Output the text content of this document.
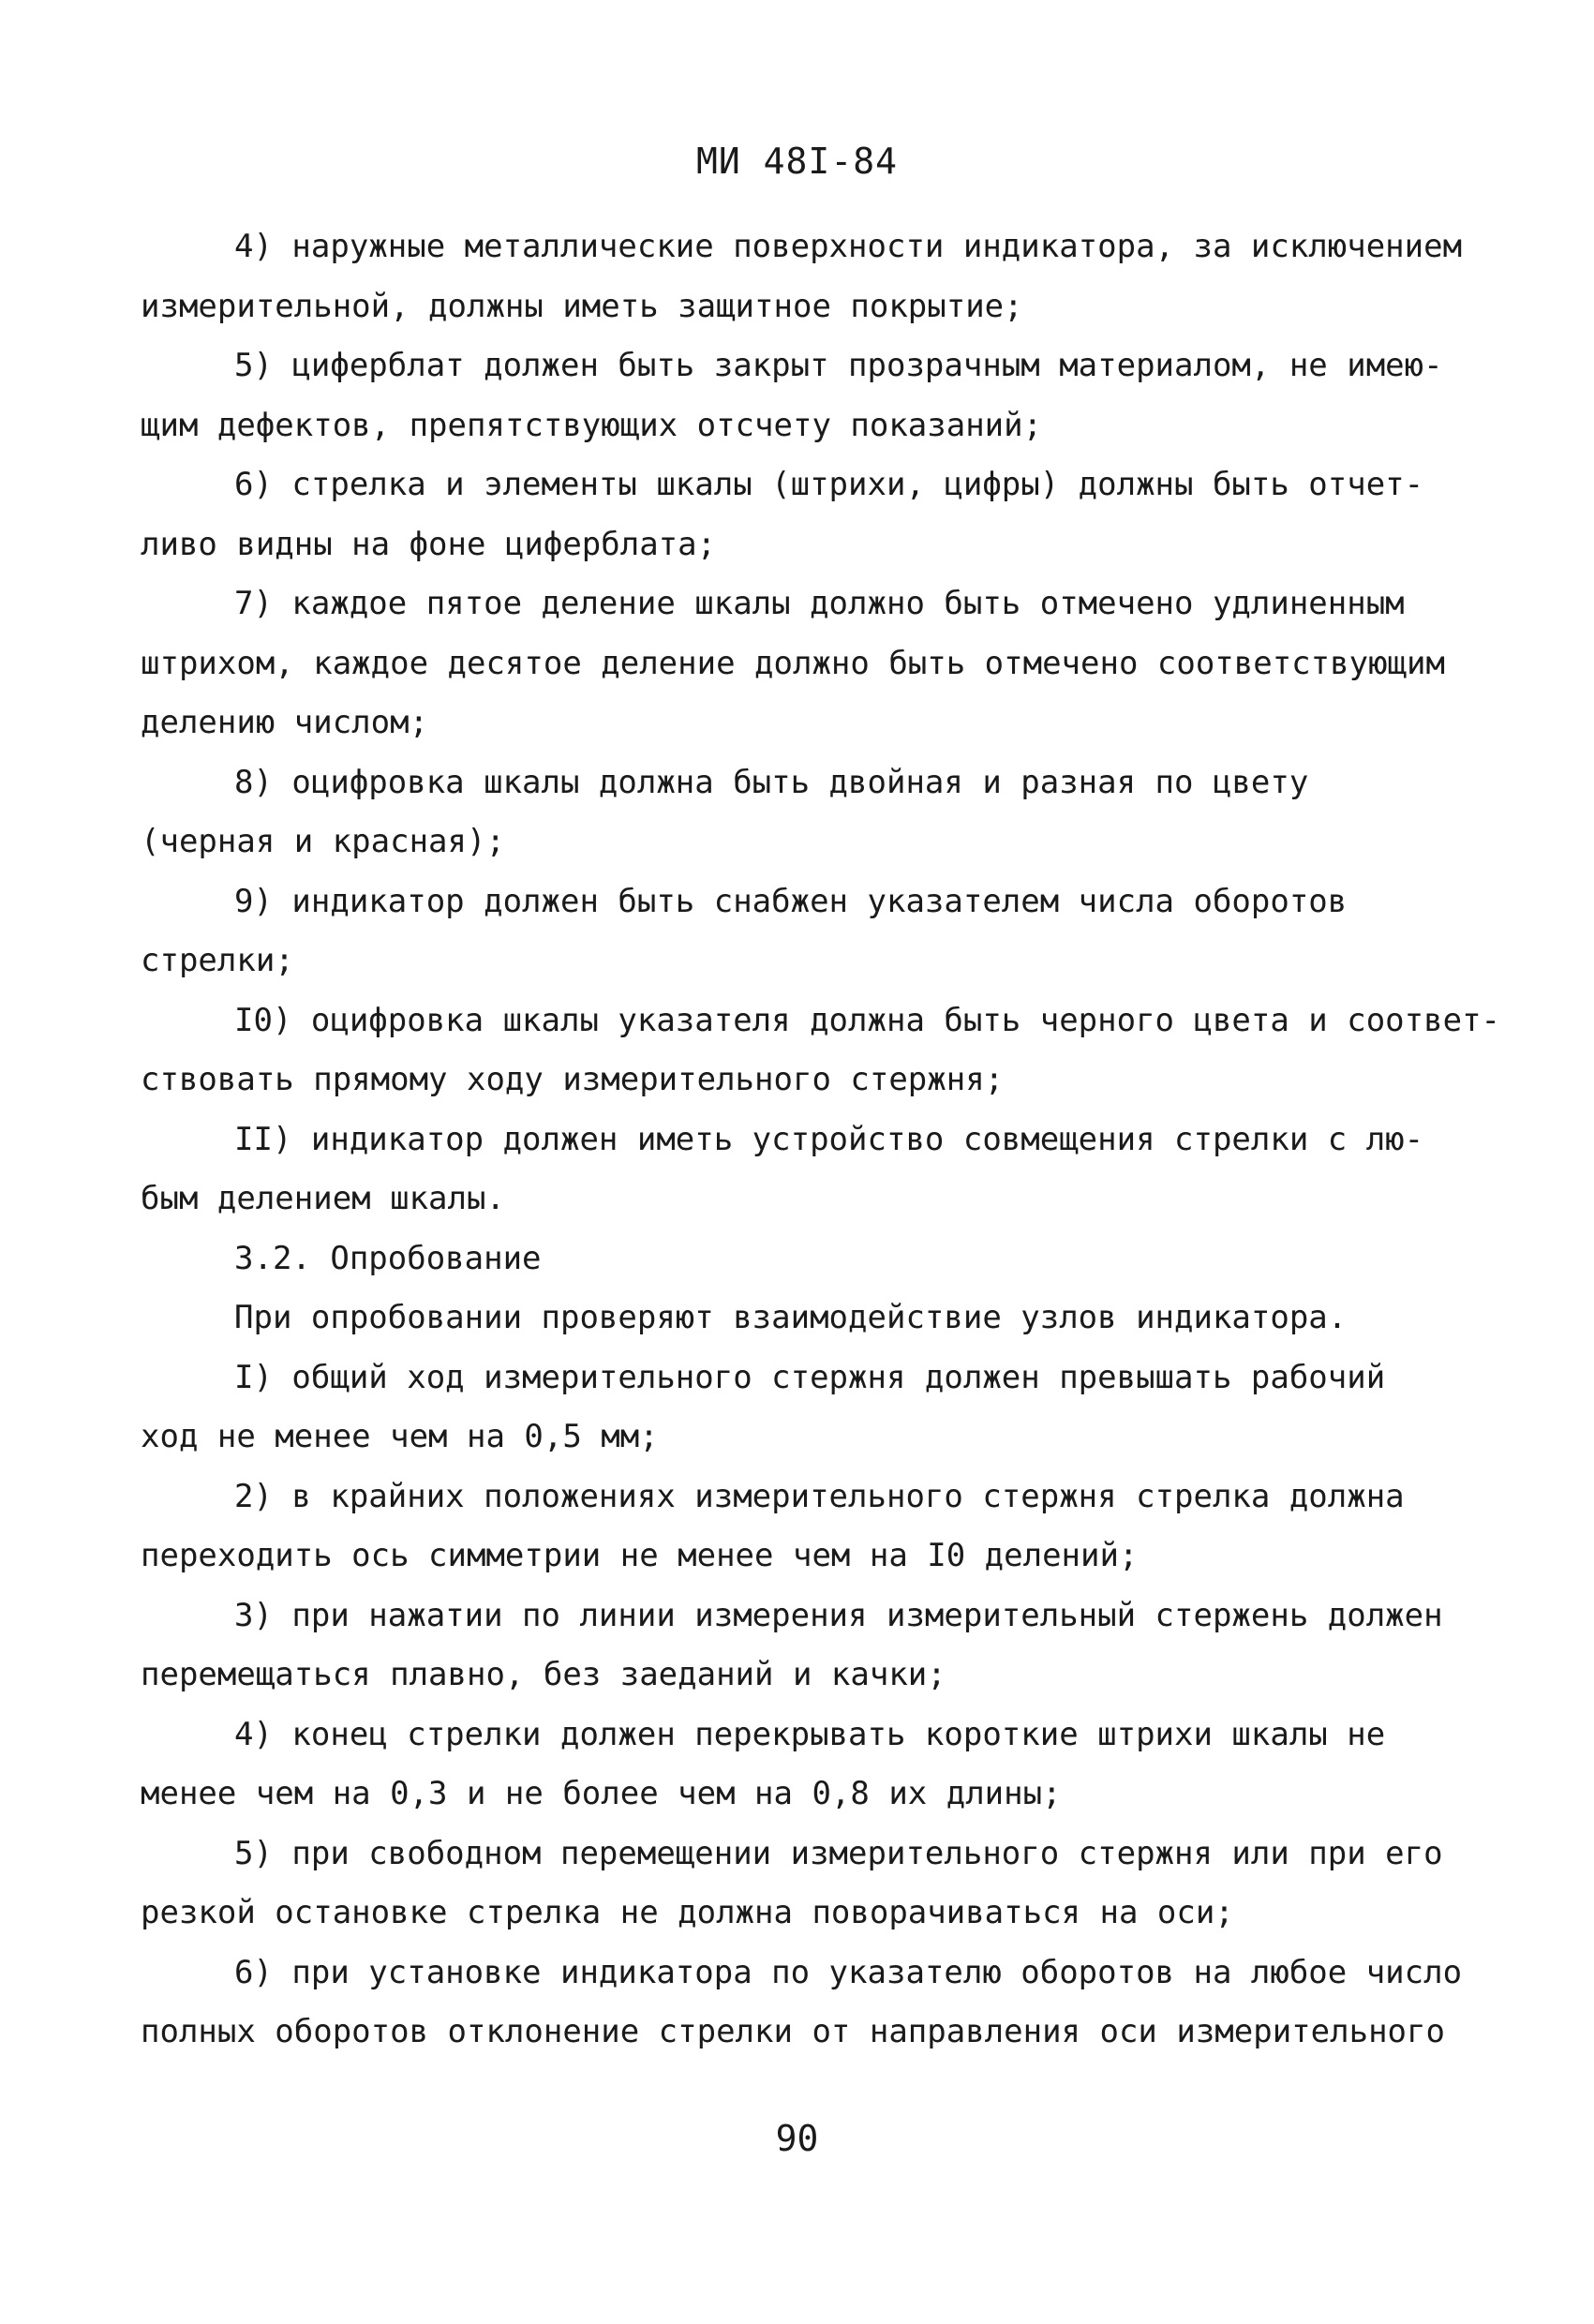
МИ 48I-84
4) наружные металлические поверхности индикатора, за исключением
измерительной, должны иметь защитное покрытие;
5) циферблат должен быть закрыт прозрачным материалом, не имею-
щим дефектов, препятствующих отсчету показаний;
6) стрелка и элементы шкалы (штрихи, цифры) должны быть отчет-
ливо видны на фоне циферблата;
7) каждое пятое деление шкалы должно быть отмечено удлиненным
штрихом, каждое десятое деление должно быть отмечено соответствующим
делению числом;
8) оцифровка шкалы должна быть двойная и разная по цвету
(черная и красная);
9) индикатор должен быть снабжен указателем числа оборотов
стрелки;
I0) оцифровка шкалы указателя должна быть черного цвета и соответ-
ствовать прямому ходу измерительного стержня;
II) индикатор должен иметь устройство совмещения стрелки с лю-
бым делением шкалы.
3.2. Опробование
При опробовании проверяют взаимодействие узлов индикатора.
I) общий ход измерительного стержня должен превышать рабочий
ход не менее чем на 0,5 мм;
2) в крайних положениях измерительного стержня стрелка должна
переходить ось симметрии не менее чем на I0 делений;
3) при нажатии по линии измерения измерительный стержень должен
перемещаться плавно, без заеданий и качки;
4) конец стрелки должен перекрывать короткие штрихи шкалы не
менее чем на 0,3 и не более чем на 0,8 их длины;
5) при свободном перемещении измерительного стержня или при его
резкой остановке стрелка не должна поворачиваться на оси;
6) при установке индикатора по указателю оборотов на любое число
полных оборотов отклонение стрелки от направления оси измерительного
90
